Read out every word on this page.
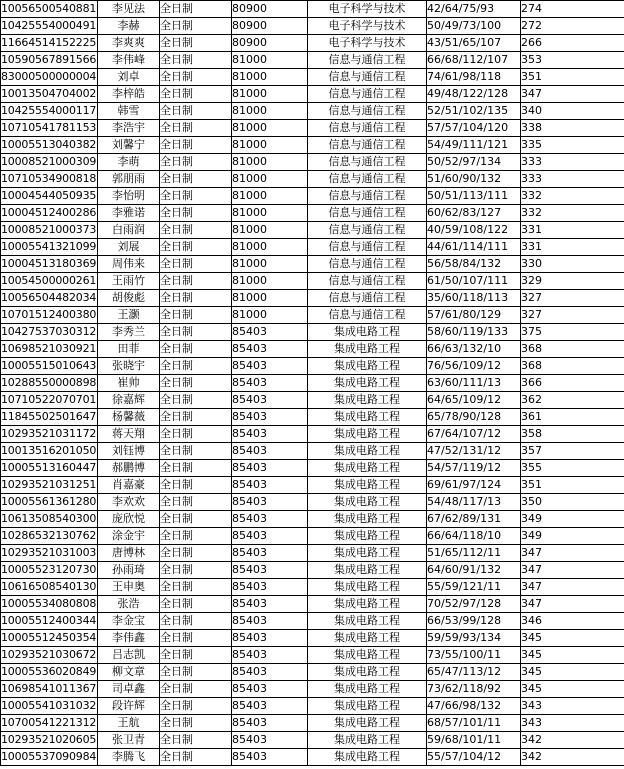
10056500540881	李见法	全日制	80900	电子科学与技术	42/64/75/93	274
10425554000491	李赫	全日制	80900	电子科学与技术	50/49/73/100	272
11664514152225	李爽爽	全日制	80900	电子科学与技术	43/51/65/107	266
10590567891566	李伟峰	全日制	81000	信息与通信工程	66/68/112/107	353
83000500000004	刘卓	全日制	81000	信息与通信工程	74/61/98/118	351
10013504704002	李梓皓	全日制	81000	信息与通信工程	49/48/122/128	347
10425554000117	韩雪	全日制	81000	信息与通信工程	52/51/102/135	340
10710541781153	李浩宇	全日制	81000	信息与通信工程	57/57/104/120	338
10005513040382	刘馨宁	全日制	81000	信息与通信工程	54/49/111/121	335
10008521000309	李萌	全日制	81000	信息与通信工程	50/52/97/134	333
10710534900818	郭朋雨	全日制	81000	信息与通信工程	51/60/90/132	333
10004544050935	李怡明	全日制	81000	信息与通信工程	50/51/113/111	332
10004512400286	李雅诺	全日制	81000	信息与通信工程	60/62/83/127	332
10008521000373	白雨润	全日制	81000	信息与通信工程	40/59/108/122	331
10005541321099	刘展	全日制	81000	信息与通信工程	44/61/114/111	331
10004513180369	周伟来	全日制	81000	信息与通信工程	56/58/84/132	330
10054500000261	王雨竹	全日制	81000	信息与通信工程	61/50/107/111	329
10056504482034	胡俊彪	全日制	81000	信息与通信工程	35/60/118/113	327
10701512400380	王灏	全日制	81000	信息与通信工程	57/61/80/129	327
10427537030312	李秀兰	全日制	85403	集成电路工程	58/60/119/133	375
10698521030921	田菲	全日制	85403	集成电路工程	66/63/132/10	368
10005515010643	张晓宇	全日制	85403	集成电路工程	76/56/109/12	368
10288550000898	崔帅	全日制	85403	集成电路工程	63/60/111/13	366
10710522070701	徐嘉辉	全日制	85403	集成电路工程	64/65/109/12	362
11845502501647	杨馨薇	全日制	85403	集成电路工程	65/78/90/128	361
10293521031172	蒋天翔	全日制	85403	集成电路工程	67/64/107/12	358
10013516201050	刘钰博	全日制	85403	集成电路工程	47/52/131/12	357
10005513160447	郝鹏博	全日制	85403	集成电路工程	54/57/119/12	355
10293521031251	肖嘉豪	全日制	85403	集成电路工程	69/61/97/124	351
10005561361280	李欢欢	全日制	85403	集成电路工程	54/48/117/13	350
10613508540300	庞欣悦	全日制	85403	集成电路工程	67/62/89/131	349
10286532130762	涂金宇	全日制	85403	集成电路工程	66/64/118/10	349
10293521031003	唐博林	全日制	85403	集成电路工程	51/65/112/11	347
10005523120730	孙雨琦	全日制	85403	集成电路工程	64/60/91/132	347
10616508540130	王申奥	全日制	85403	集成电路工程	55/59/121/11	347
10005534080808	张浩	全日制	85403	集成电路工程	70/52/97/128	347
10005512400344	李金宝	全日制	85403	集成电路工程	66/53/99/128	346
10005512450354	李伟鑫	全日制	85403	集成电路工程	59/59/93/134	345
10293521030672	吕志凯	全日制	85403	集成电路工程	73/55/100/11	345
10005536020849	柳文章	全日制	85403	集成电路工程	65/47/113/12	345
10698541011367	司卓鑫	全日制	85403	集成电路工程	73/62/118/92	345
10005541031032	段许辉	全日制	85403	集成电路工程	47/66/98/132	343
10700541221312	王航	全日制	85403	集成电路工程	68/57/101/11	343
10293521020605	张卫青	全日制	85403	集成电路工程	59/68/101/11	342
10005537090984	李腾飞	全日制	85403	集成电路工程	55/57/104/12	342
